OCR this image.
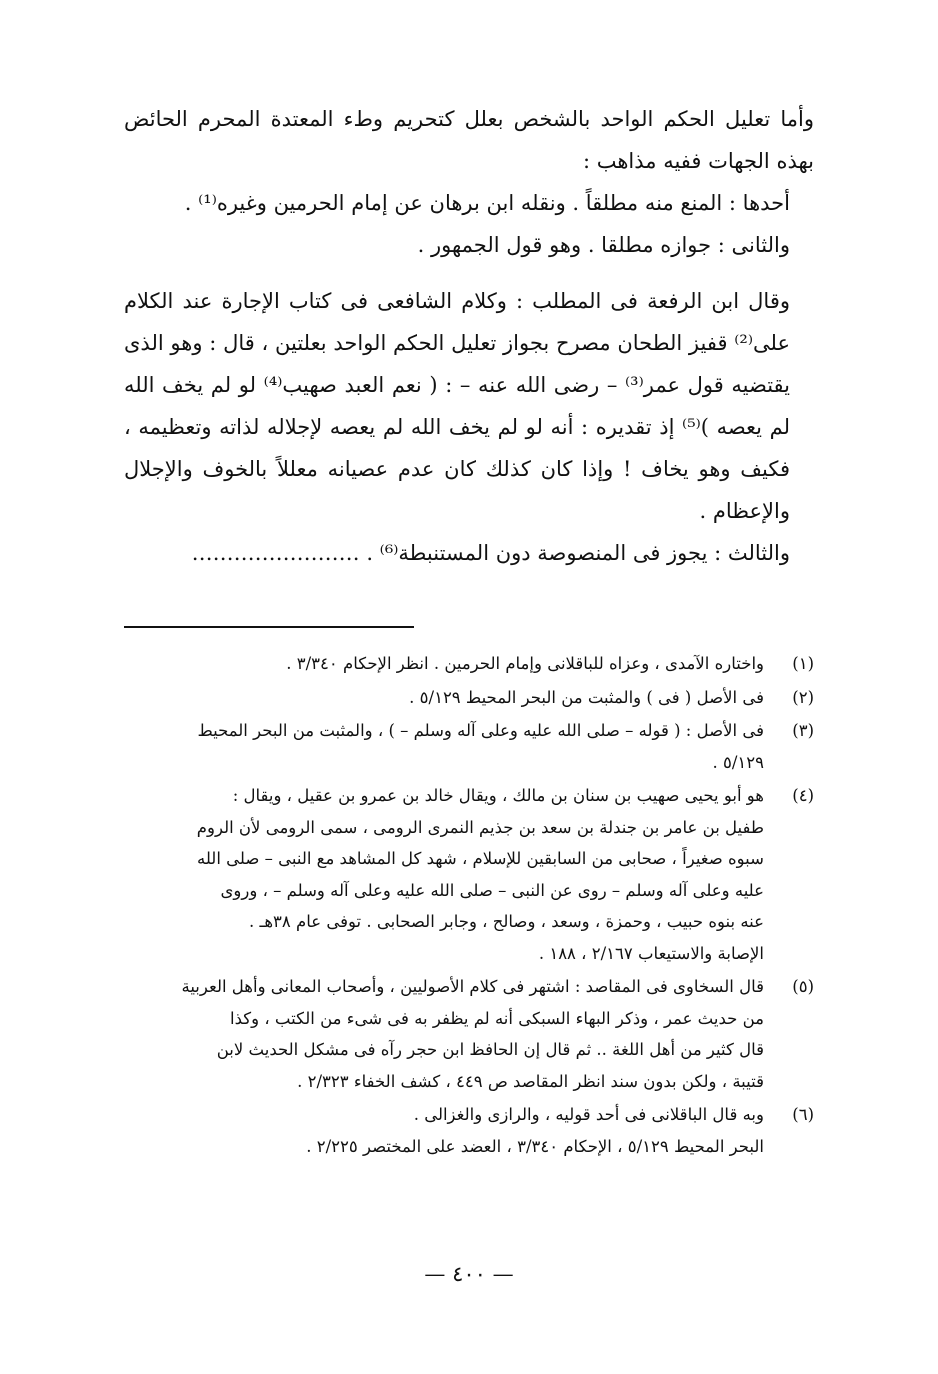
وأما تعليل الحكم الواحد بالشخص بعلل كتحريم وطء المعتدة المحرم الحائض بهذه الجهات ففيه مذاهب :

أحدها : المنع منه مطلقاً . ونقله ابن برهان عن إمام الحرمين وغيره⁽¹⁾ .

والثانى : جوازه مطلقا . وهو قول الجمهور .

وقال ابن الرفعة فى المطلب : وكلام الشافعى فى كتاب الإجارة عند الكلام على⁽²⁾ قفيز الطحان مصرح بجواز تعليل الحكم الواحد بعلتين ، قال : وهو الذى يقتضيه قول عمر⁽³⁾ – رضى الله عنه – : ( نعم العبد صهيب⁽⁴⁾ لو لم يخف الله لم يعصه )⁽⁵⁾ إذ تقديره : أنه لو لم يخف الله لم يعصه لإجلاله لذاته وتعظيمه ، فكيف وهو يخاف ! وإذا كان كذلك كان عدم عصيانه معللاً بالخوف والإجلال والإعظام .

والثالث : يجوز فى المنصوصة دون المستنبطة⁽⁶⁾ . ……………………

(١)
واختاره الآمدى ، وعزاه للباقلانى وإمام الحرمين . انظر الإحكام ٣/٣٤٠ .
(٢)
فى الأصل ( فى ) والمثبت من البحر المحيط ٥/١٢٩ .
(٣)
فى الأصل : ( قوله – صلى الله عليه وعلى آله وسلم – ) ، والمثبت من البحر المحيط
٥/١٢٩ .
(٤)
هو أبو يحيى صهيب بن سنان بن مالك ، ويقال خالد بن عمرو بن عقيل ، ويقال :
طفيل بن عامر بن جندلة بن سعد بن جذيم النمرى الرومى ، سمى الرومى لأن الروم
سبوه صغيراً ، صحابى من السابقين للإسلام ، شهد كل المشاهد مع النبى – صلى الله
عليه وعلى آله وسلم – روى عن النبى – صلى الله عليه وعلى آله وسلم – ، وروى
عنه بنوه حبيب ، وحمزة ، وسعد ، وصالح ، وجابر الصحابى . توفى عام ٣٨هـ .
الإصابة والاستيعاب ٢/١٦٧ ، ١٨٨ .
(٥)
قال السخاوى فى المقاصد : اشتهر فى كلام الأصوليين ، وأصحاب المعانى وأهل العربية
من حديث عمر ، وذكر البهاء السبكى أنه لم يظفر به فى شىء من الكتب ، وكذا
قال كثير من أهل اللغة .. ثم قال إن الحافظ ابن حجر رآه فى مشكل الحديث لابن
قتيبة ، ولكن بدون سند انظر المقاصد ص ٤٤٩ ، كشف الخفاء ٢/٣٢٣ .
(٦)
وبه قال الباقلانى فى أحد قوليه ، والرازى والغزالى .
البحر المحيط ٥/١٢٩ ، الإحكام ٣/٣٤٠ ، العضد على المختصر ٢/٢٢٥ .
— ٤٠٠ —
